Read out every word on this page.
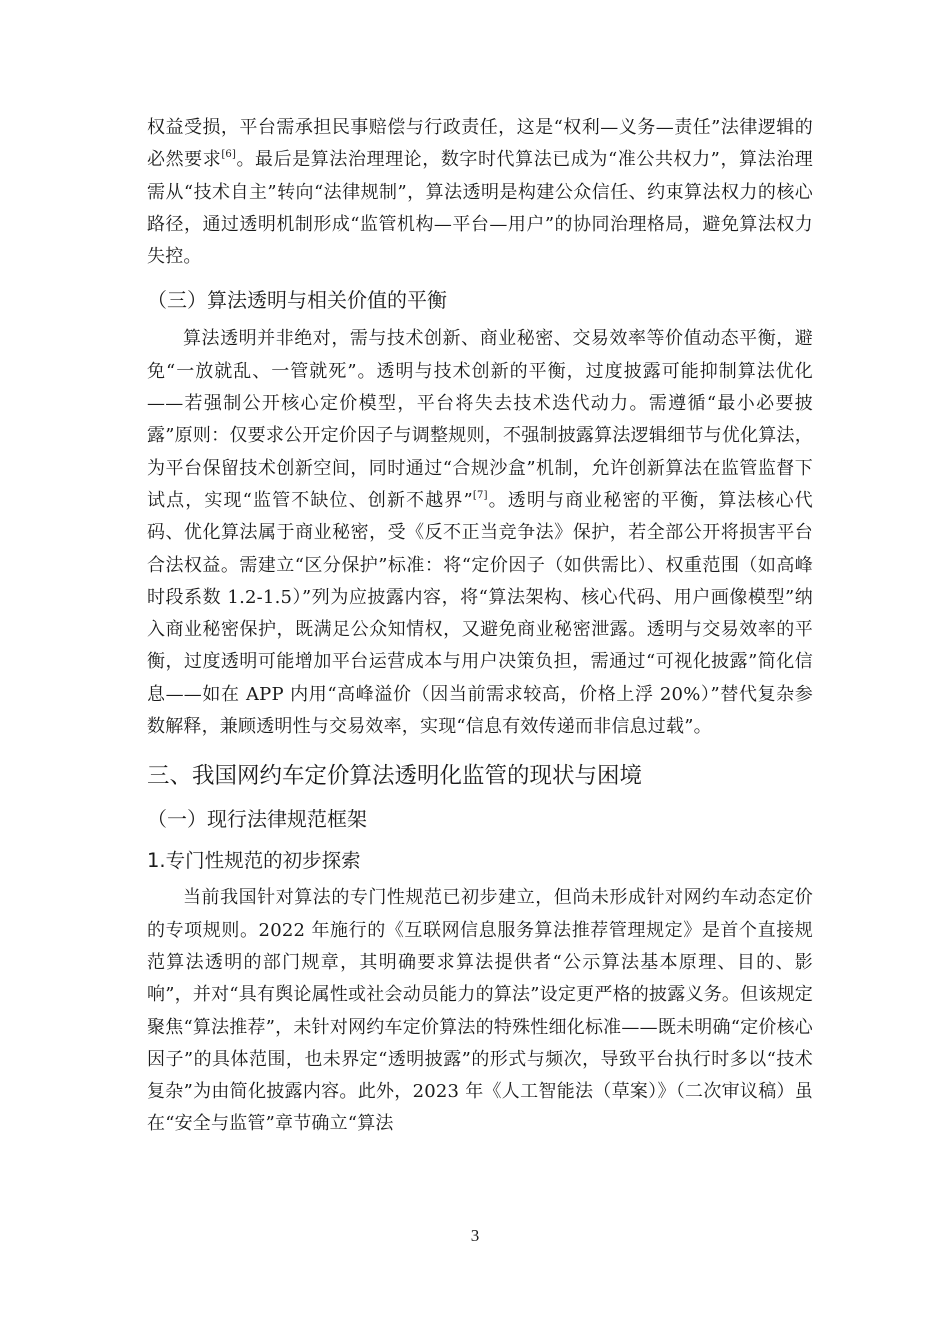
权益受损，平台需承担民事赔偿与行政责任，这是“权利—义务—责任”法律逻辑的必然要求[6]。最后是算法治理理论，数字时代算法已成为“准公共权力”，算法治理需从“技术自主”转向“法律规制”，算法透明是构建公众信任、约束算法权力的核心路径，通过透明机制形成“监管机构—平台—用户”的协同治理格局，避免算法权力失控。

（三）算法透明与相关价值的平衡

算法透明并非绝对，需与技术创新、商业秘密、交易效率等价值动态平衡，避免“一放就乱、一管就死”。透明与技术创新的平衡，过度披露可能抑制算法优化——若强制公开核心定价模型，平台将失去技术迭代动力。需遵循“最小必要披露”原则：仅要求公开定价因子与调整规则，不强制披露算法逻辑细节与优化算法，为平台保留技术创新空间，同时通过“合规沙盒”机制，允许创新算法在监管监督下试点，实现“监管不缺位、创新不越界”[7]。透明与商业秘密的平衡，算法核心代码、优化算法属于商业秘密，受《反不正当竞争法》保护，若全部公开将损害平台合法权益。需建立“区分保护”标准：将“定价因子（如供需比）、权重范围（如高峰时段系数 1.2-1.5）”列为应披露内容，将“算法架构、核心代码、用户画像模型”纳入商业秘密保护，既满足公众知情权，又避免商业秘密泄露。透明与交易效率的平衡，过度透明可能增加平台运营成本与用户决策负担，需通过“可视化披露”简化信息——如在 APP 内用“高峰溢价（因当前需求较高，价格上浮 20%）”替代复杂参数解释，兼顾透明性与交易效率，实现“信息有效传递而非信息过载”。

三、我国网约车定价算法透明化监管的现状与困境
（一）现行法律规范框架
1.专门性规范的初步探索

当前我国针对算法的专门性规范已初步建立，但尚未形成针对网约车动态定价的专项规则。2022 年施行的《互联网信息服务算法推荐管理规定》是首个直接规范算法透明的部门规章，其明确要求算法提供者“公示算法基本原理、目的、影响”，并对“具有舆论属性或社会动员能力的算法”设定更严格的披露义务。但该规定聚焦“算法推荐”，未针对网约车定价算法的特殊性细化标准——既未明确“定价核心因子”的具体范围，也未界定“透明披露”的形式与频次，导致平台执行时多以“技术复杂”为由简化披露内容。此外，2023 年《人工智能法（草案）》（二次审议稿）虽在“安全与监管”章节确立“算法

3
